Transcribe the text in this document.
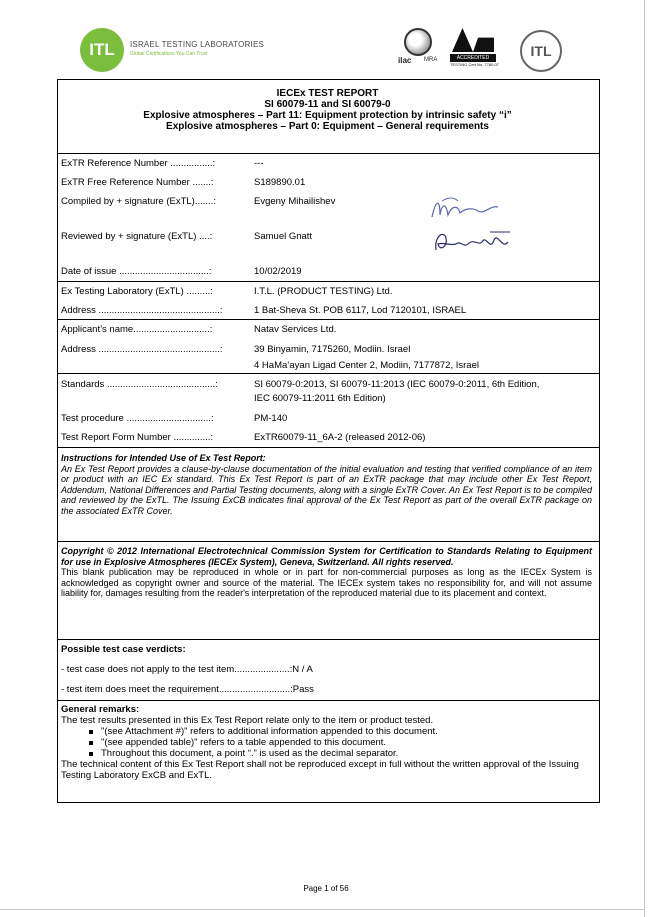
ITL	ISRAEL TESTING LABORATORIES
Global Certifications You Can Trust
ilac MRA	ACCREDITED
TESTING Cert No. 7780.07
ITL
IECEx TEST REPORT
SI 60079-11 and SI 60079-0
Explosive atmospheres – Part 11: Equipment protection by intrinsic safety “i”
Explosive atmospheres – Part 0: Equipment – General requirements
ExTR Reference Number ................:	---
ExTR Free Reference Number .......:	S189890.01
Compiled by + signature (ExTL).......:	Evgeny Mihailishev
Reviewed by + signature (ExTL) ....:	Samuel Gnatt
Date of issue ..................................:	10/02/2019
Ex Testing Laboratory (ExTL) .........:	I.T.L. (PRODUCT TESTING) Ltd.
Address ..............................................:	1 Bat-Sheva St. POB 6117, Lod 7120101, ISRAEL
Applicant’s name.............................:	Natav Services Ltd.
Address ..............................................:	39 Binyamin, 7175260, Modiin. Israel
4 HaMa’ayan Ligad Center 2, Modiin, 7177872, Israel
Standards .........................................:	SI 60079-0:2013, SI 60079-11:2013 (IEC 60079-0:2011, 6th Edition,
IEC 60079-11:2011 6th Edition)
Test procedure ................................:	PM-140
Test Report Form Number ..............:	ExTR60079-11_6A-2 (released 2012-06)
Instructions for Intended Use of Ex Test Report:
An Ex Test Report provides a clause-by-clause documentation of the initial evaluation and testing that verified compliance of an item or product with an IEC Ex standard. This Ex Test Report is part of an ExTR package that may include other Ex Test Report, Addendum, National Differences and Partial Testing documents, along with a single ExTR Cover. An Ex Test Report is to be compiled and reviewed by the ExTL. The Issuing ExCB indicates final approval of the Ex Test Report as part of the overall ExTR package on the associated ExTR Cover.
Copyright © 2012 International Electrotechnical Commission System for Certification to Standards Relating to Equipment for use in Explosive Atmospheres (IECEx System), Geneva, Switzerland. All rights reserved.
This blank publication may be reproduced in whole or in part for non-commercial purposes as long as the IECEx System is acknowledged as copyright owner and source of the material. The IECEx system takes no responsibility for, and will not assume liability for, damages resulting from the reader's interpretation of the reproduced material due to its placement and context.
Possible test case verdicts:
- test case does not apply to the test item.....................:N / A
- test item does meet the requirement...........................:Pass
General remarks:
The test results presented in this Ex Test Report relate only to the item or product tested.
"(see Attachment #)" refers to additional information appended to this document.
"(see appended table)" refers to a table appended to this document.
Throughout this document, a point “.” is used as the decimal separator.
The technical content of this Ex Test Report shall not be reproduced except in full without the written approval of the Issuing Testing Laboratory ExCB and ExTL.
Page 1 of 56
